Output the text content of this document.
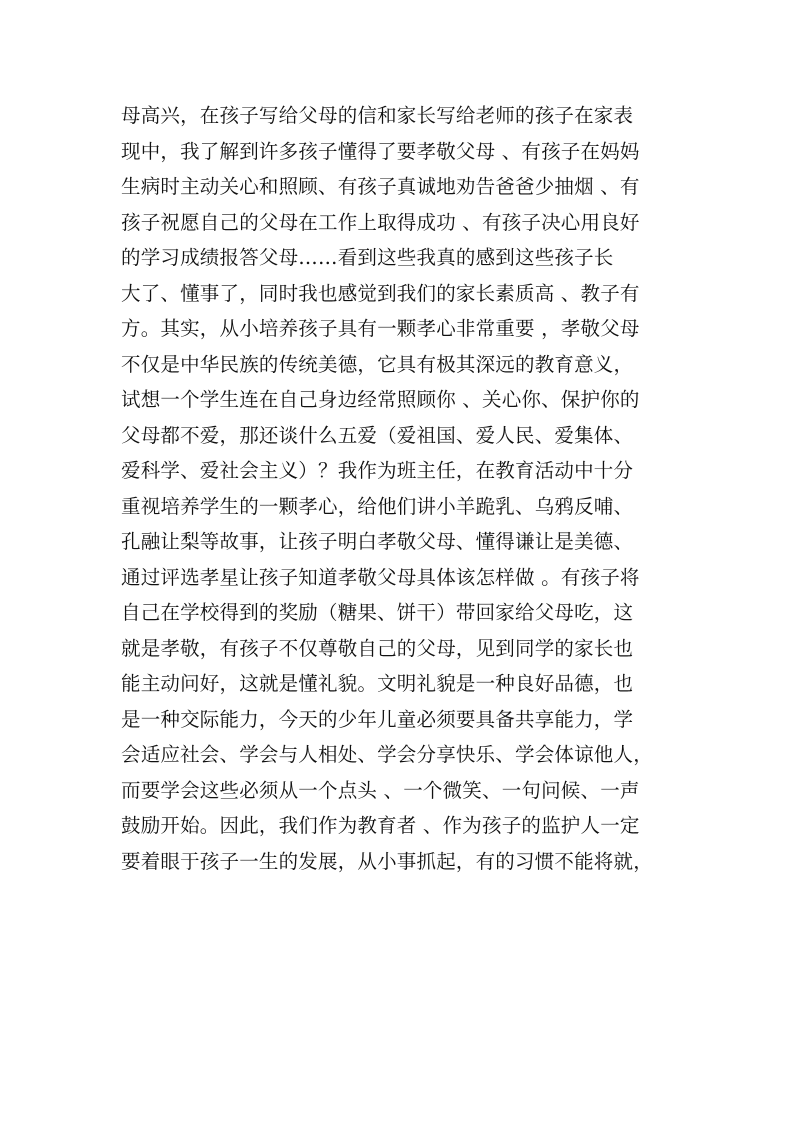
母高兴，在孩子写给父母的信和家长写给老师的孩子在家表
现中，我了解到许多孩子懂得了要孝敬父母 、有孩子在妈妈
生病时主动关心和照顾、有孩子真诚地劝告爸爸少抽烟 、有
孩子祝愿自己的父母在工作上取得成功 、有孩子决心用良好
的学习成绩报答父母……看到这些我真的感到这些孩子长
大了、懂事了，同时我也感觉到我们的家长素质高 、教子有
方。其实，从小培养孩子具有一颗孝心非常重要 ，孝敬父母
不仅是中华民族的传统美德，它具有极其深远的教育意义，
试想一个学生连在自己身边经常照顾你 、关心你、保护你的
父母都不爱，那还谈什么五爱（爱祖国、爱人民、爱集体、
爱科学、爱社会主义）？我作为班主任，在教育活动中十分
重视培养学生的一颗孝心，给他们讲小羊跪乳、乌鸦反哺、
孔融让梨等故事，让孩子明白孝敬父母、懂得谦让是美德、
通过评选孝星让孩子知道孝敬父母具体该怎样做 。有孩子将
自己在学校得到的奖励（糖果、饼干）带回家给父母吃，这
就是孝敬，有孩子不仅尊敬自己的父母，见到同学的家长也
能主动问好，这就是懂礼貌。文明礼貌是一种良好品德，也
是一种交际能力，今天的少年儿童必须要具备共享能力，学
会适应社会、学会与人相处、学会分享快乐、学会体谅他人，
而要学会这些必须从一个点头 、一个微笑、一句问候、一声
鼓励开始。因此，我们作为教育者 、作为孩子的监护人一定
要着眼于孩子一生的发展，从小事抓起，有的习惯不能将就，
